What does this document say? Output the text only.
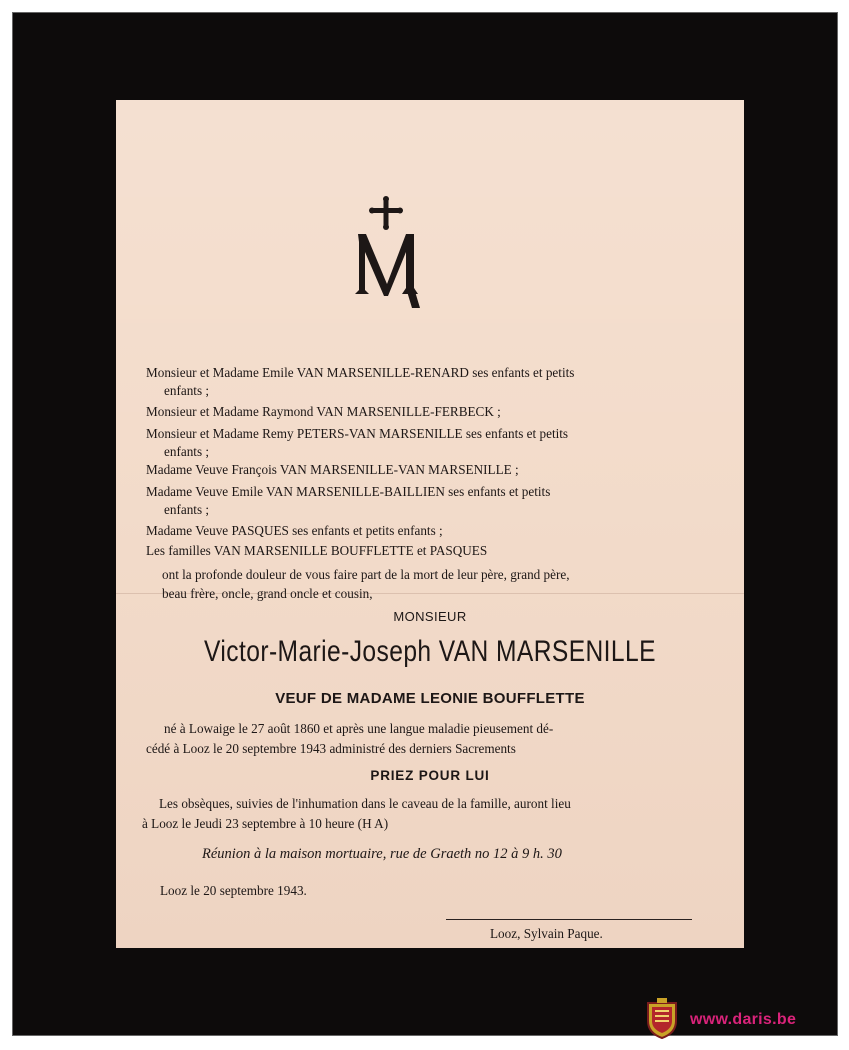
Monsieur et Madame Emile VAN MARSENILLE-RENARD ses enfants et petits
enfants ;
Monsieur et Madame Raymond VAN MARSENILLE-FERBECK ;
Monsieur et Madame Remy PETERS-VAN MARSENILLE ses enfants et petits
enfants ;
Madame Veuve François VAN MARSENILLE-VAN MARSENILLE ;
Madame Veuve Emile VAN MARSENILLE-BAILLIEN ses enfants et petits
enfants ;
Madame Veuve PASQUES ses enfants et petits enfants ;
Les familles VAN MARSENILLE BOUFFLETTE et PASQUES
ont la profonde douleur de vous faire part de la mort de leur père, grand père,
beau frère, oncle, grand oncle et cousin,
MONSIEUR
Victor-Marie-Joseph VAN MARSENILLE
VEUF DE MADAME LEONIE BOUFFLETTE
né à Lowaige le 27 août 1860 et après une langue maladie pieusement dé-
cédé à Looz le 20 septembre 1943 administré des derniers Sacrements
PRIEZ POUR LUI
Les obsèques, suivies de l'inhumation dans le caveau de la famille, auront lieu
à Looz le Jeudi 23 septembre à 10 heure (H A)
Réunion à la maison mortuaire, rue de Graeth no 12 à 9 h. 30
Looz le 20 septembre 1943.
Looz, Sylvain Paque.
www.daris.be
